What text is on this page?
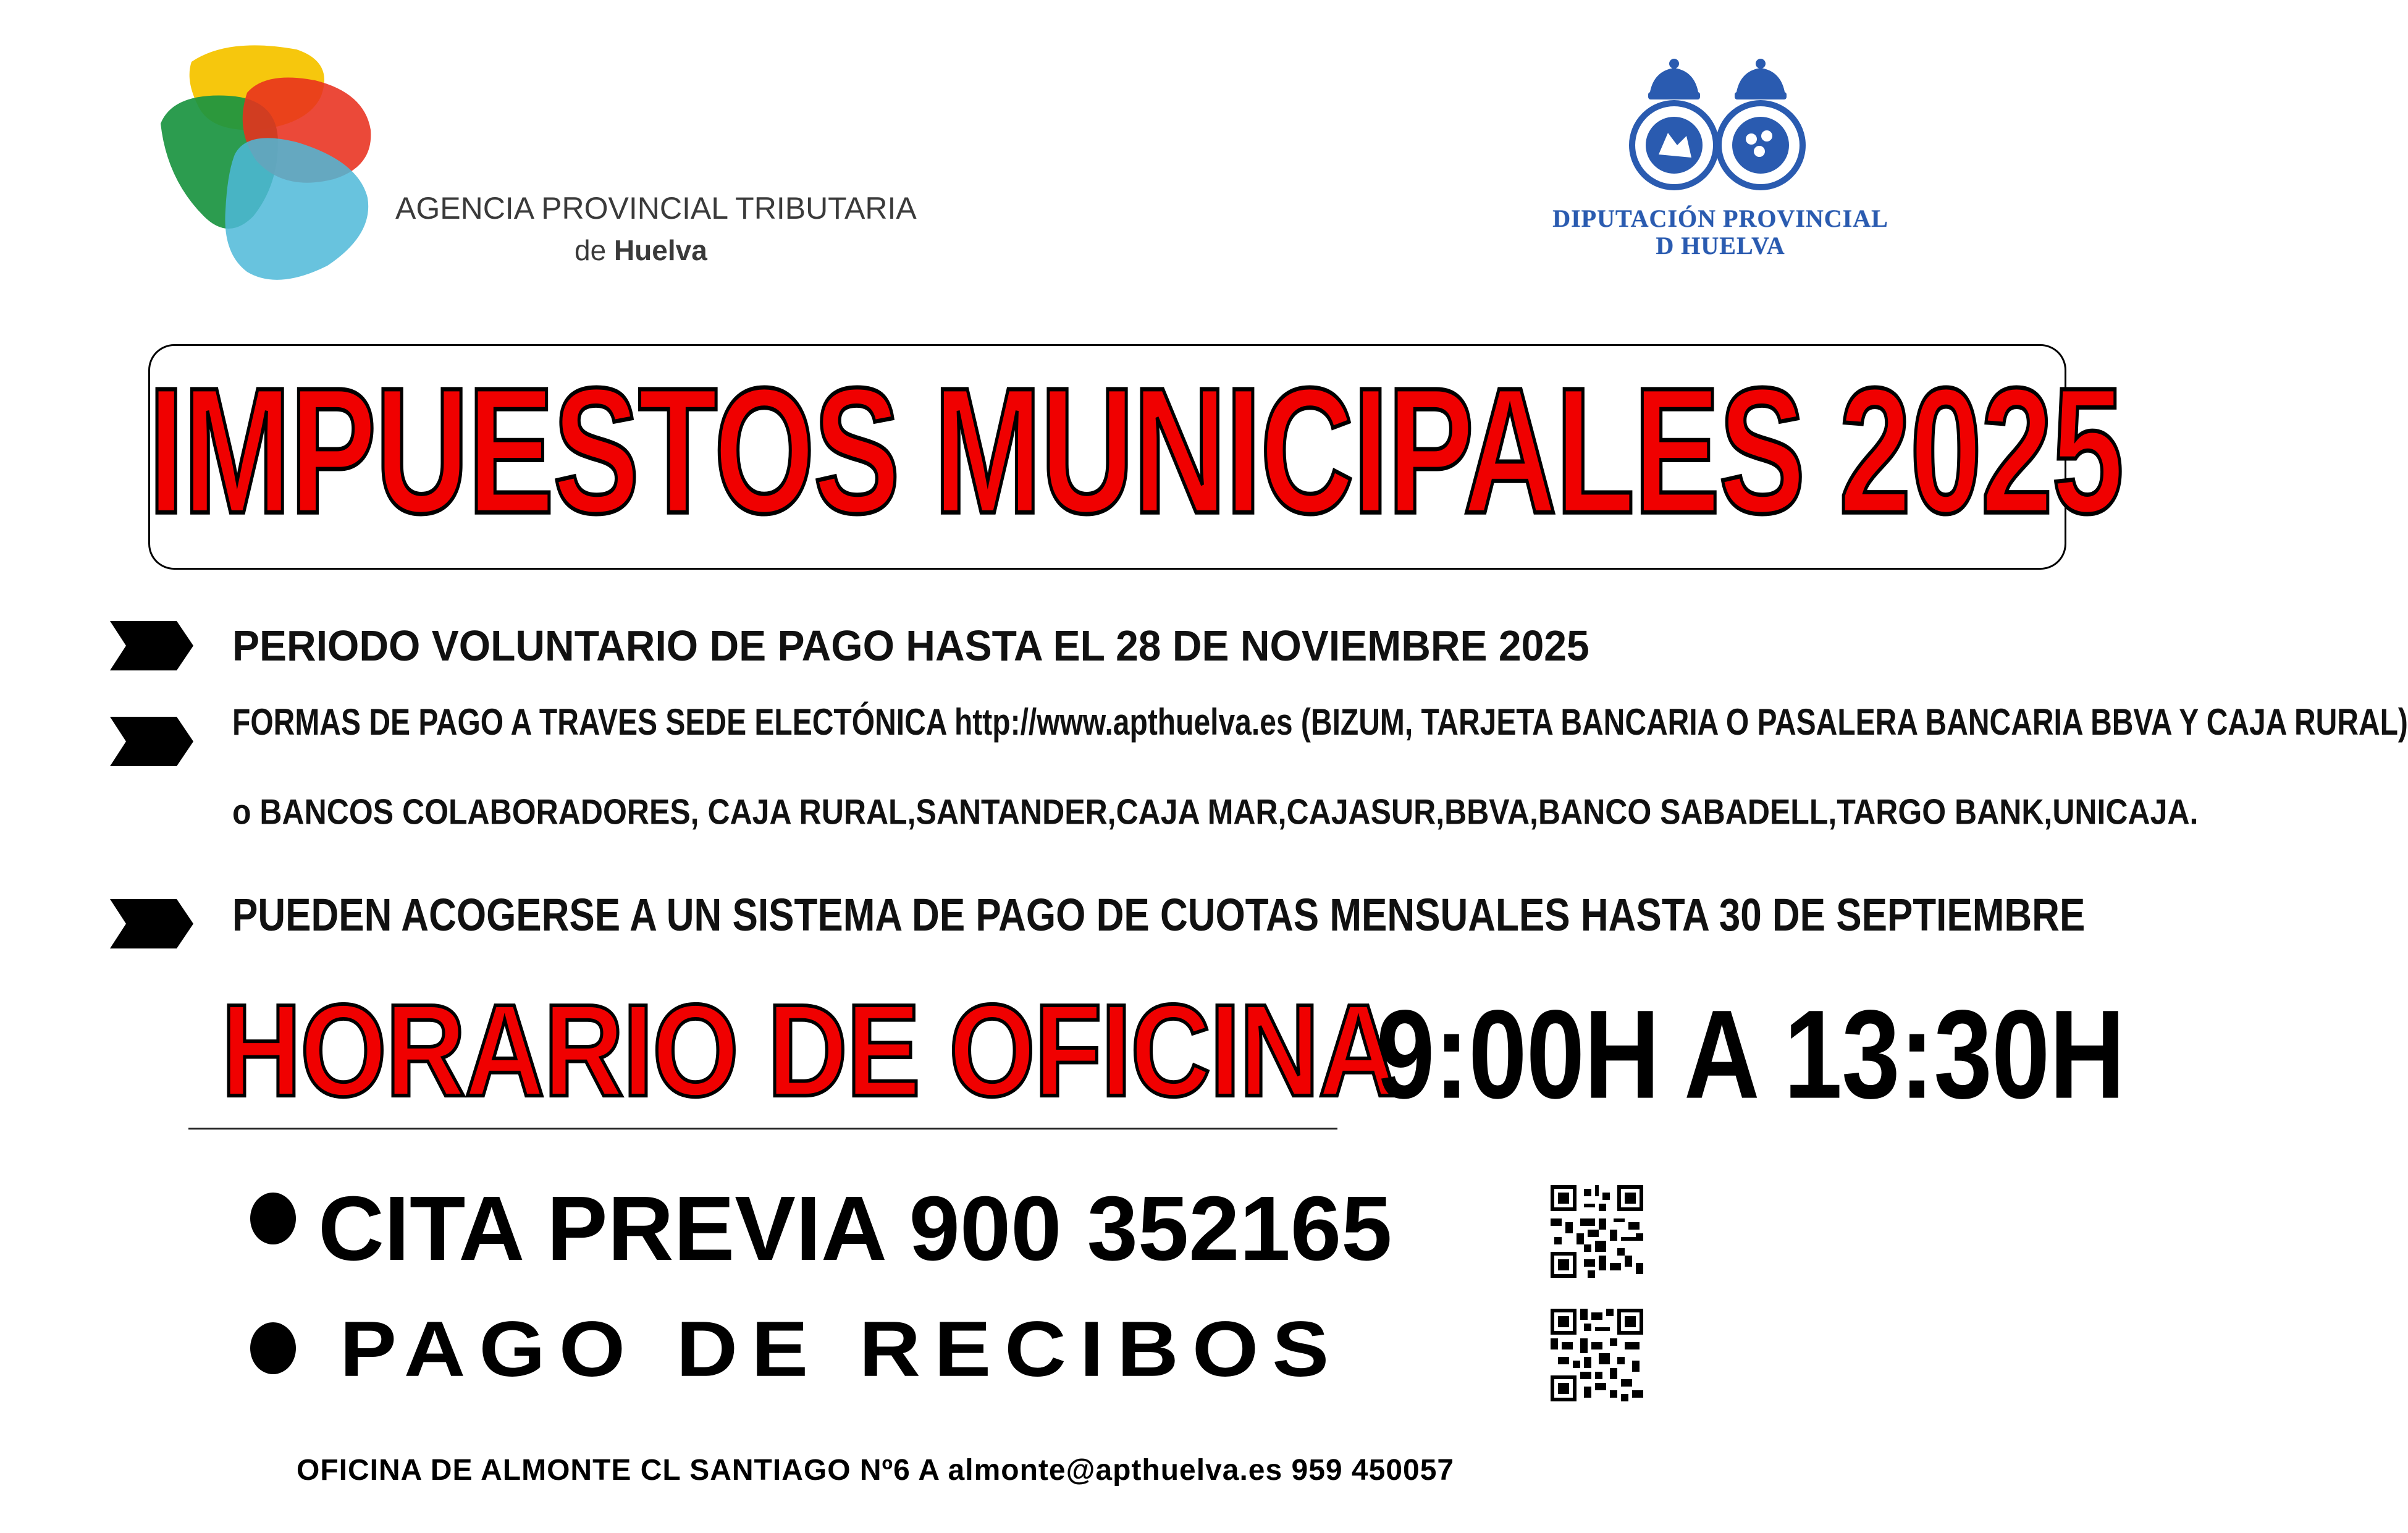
AGENCIA PROVINCIAL TRIBUTARIA
de Huelva
DIPUTACIÓN PROVINCIAL
D HUELVA
IMPUESTOS MUNICIPALES 2025
PERIODO VOLUNTARIO DE PAGO HASTA EL 28 DE NOVIEMBRE 2025
FORMAS DE PAGO A TRAVES SEDE ELECTÓNICA http://www.apthuelva.es (BIZUM, TARJETA BANCARIA O PASALERA BANCARIA BBVA Y CAJA RURAL)
o BANCOS COLABORADORES, CAJA RURAL,SANTANDER,CAJA MAR,CAJASUR,BBVA,BANCO SABADELL,TARGO BANK,UNICAJA.
PUEDEN ACOGERSE A UN SISTEMA DE PAGO DE CUOTAS MENSUALES HASTA 30 DE SEPTIEMBRE
HORARIO DE OFICINA
9:00H A 13:30H
CITA PREVIA 900 352165
PAGO DE RECIBOS
OFICINA DE ALMONTE CL SANTIAGO Nº6 A almonte@apthuelva.es 959 450057
